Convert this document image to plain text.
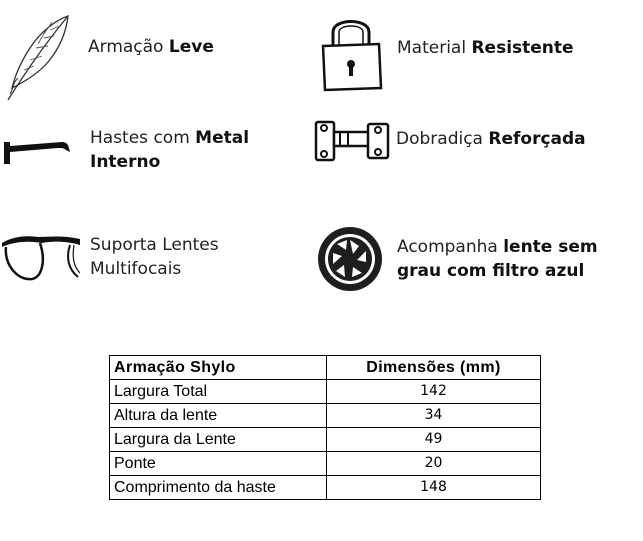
Armação Leve	Material Resistente
Hastes com Metal Interno
Dobradiça Reforçada
Suporta Lentes Multifocais
Acompanha lente sem grau com filtro azul
Armação Shylo	Dimensões (mm)
Largura Total	142
Altura da lente	34
Largura da Lente	49
Ponte	20
Comprimento da haste	148
